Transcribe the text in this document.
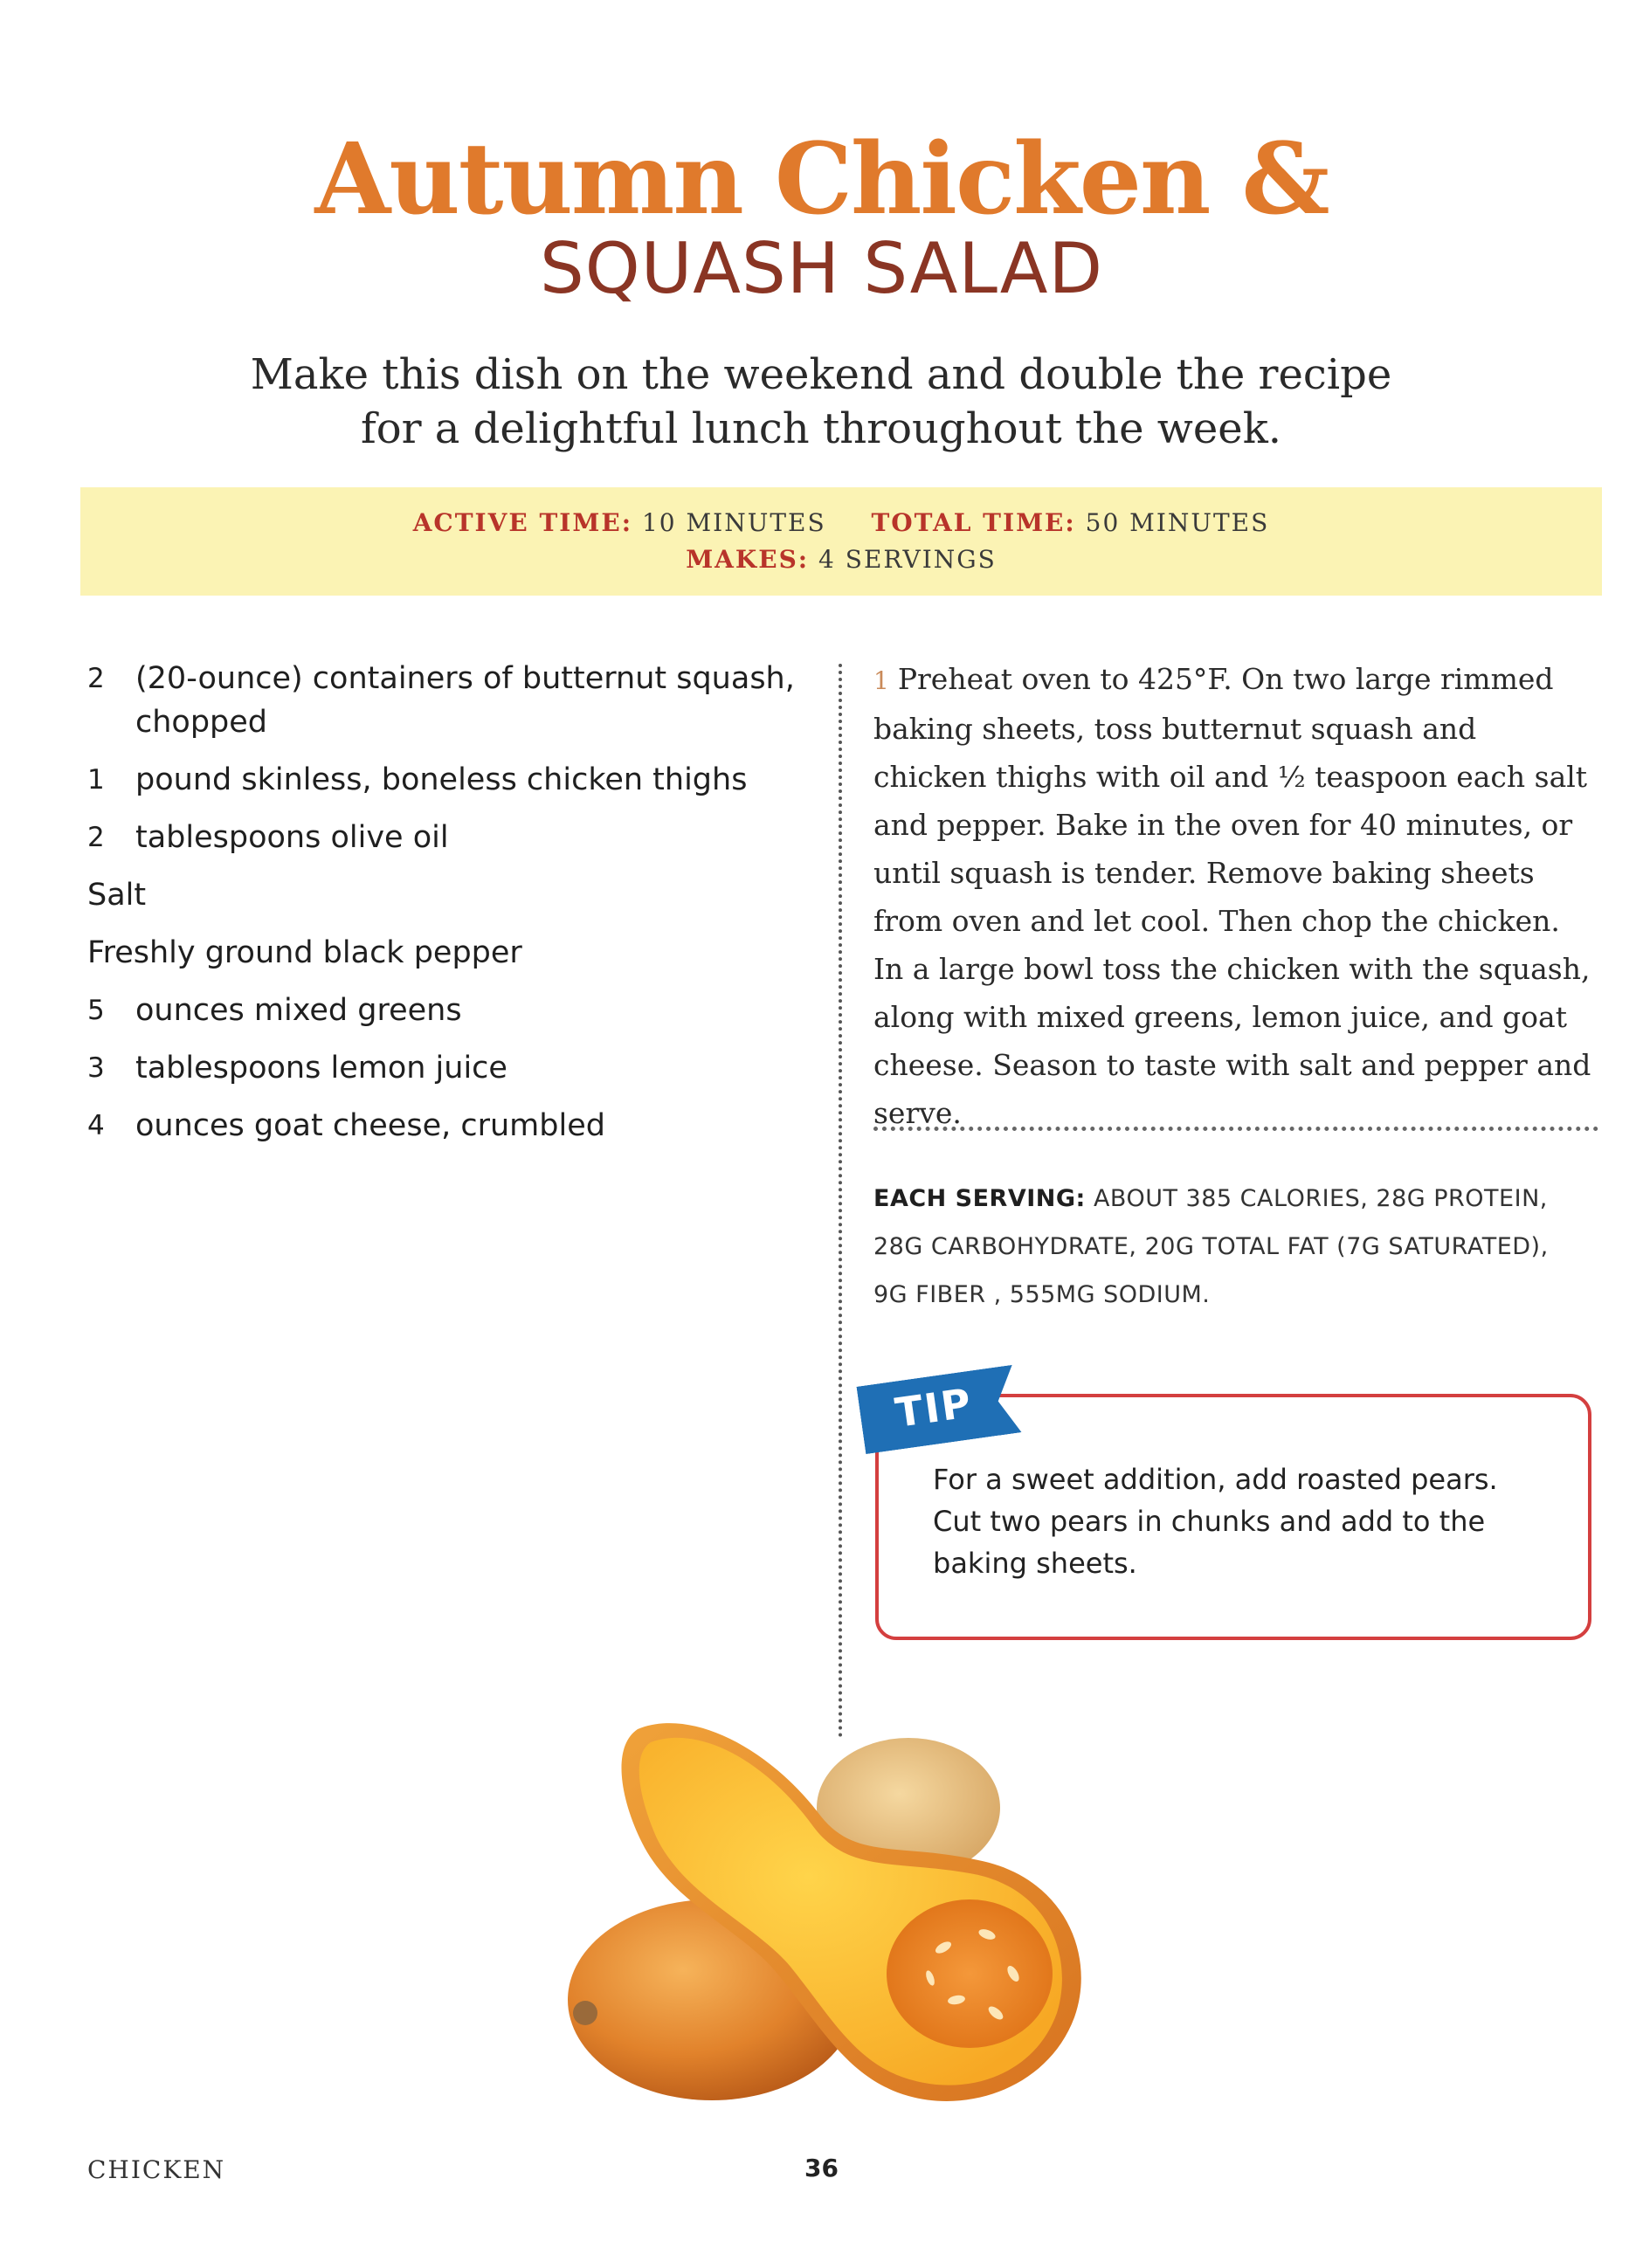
Autumn Chicken &
SQUASH SALAD
Make this dish on the weekend and double the recipe
for a delightful lunch throughout the week.
ACTIVE TIME: 10 MINUTES TOTAL TIME: 50 MINUTES
MAKES: 4 SERVINGS
2	(20-ounce) containers of butternut squash, chopped
1	pound skinless, boneless chicken thighs
2	tablespoons olive oil
Salt
Freshly ground black pepper
5	ounces mixed greens
3	tablespoons lemon juice
4	ounces goat cheese, crumbled
1 Preheat oven to 425°F. On two large rimmed baking sheets, toss butternut squash and chicken thighs with oil and ½ teaspoon each salt and pepper. Bake in the oven for 40 minutes, or until squash is tender. Remove baking sheets from oven and let cool. Then chop the chicken. In a large bowl toss the chicken with the squash, along with mixed greens, lemon juice, and goat cheese. Season to taste with salt and pepper and serve.
EACH SERVING: ABOUT 385 CALORIES, 28G PROTEIN, 28G CARBOHYDRATE, 20G TOTAL FAT (7G SATURATED), 9G FIBER , 555MG SODIUM.
TIP
For a sweet addition, add roasted pears.
Cut two pears in chunks and add to the
baking sheets.
CHICKEN	36
